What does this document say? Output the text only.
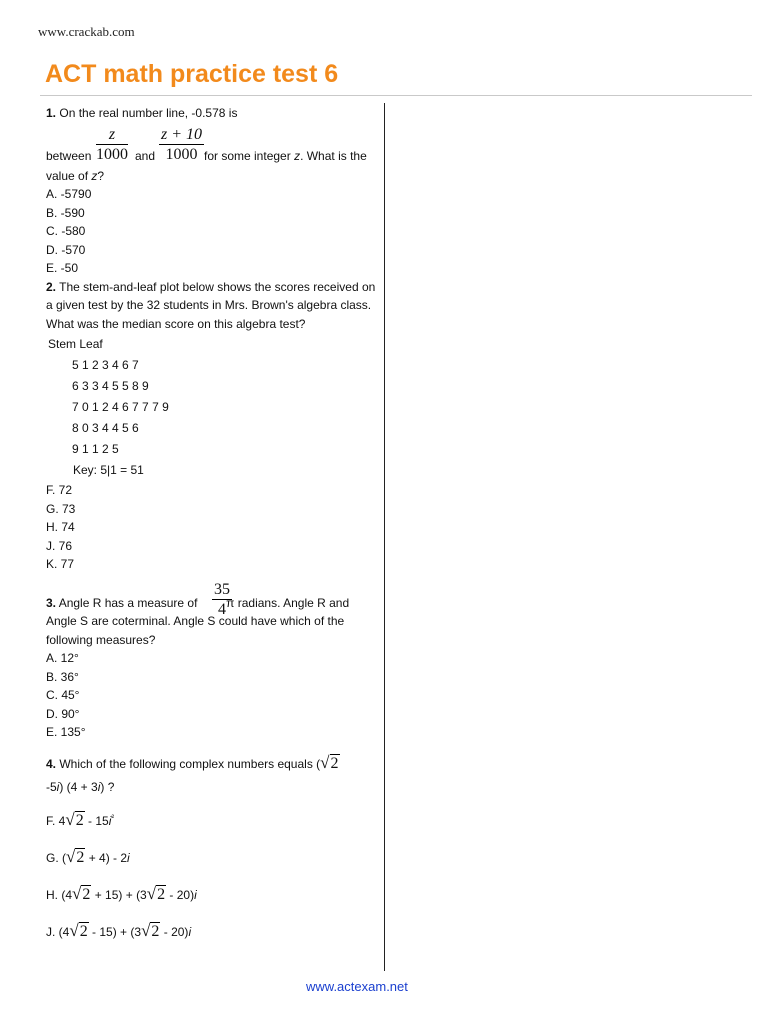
www.crackab.com
ACT math practice test 6

1. On the real number line, -0.578 is

between $\frac{z}{1000}$ and $\frac{z + 10}{1000}$ for some integer z. What is the

value of z?

A. -5790

B. -590

C. -580

D. -570

E. -50

2. The stem-and-leaf plot below shows the scores received on a given test by the 32 students in Mrs. Brown's algebra class. What was the median score on this algebra test?

Stem Leaf

5 1 2 3 4 6 7

6 3 3 4 5 5 8 9

7 0 1 2 4 6 7 7 7 9

8 0 3 4 4 5 6

9 1 1 2 5

Key: 5|1 = 51

F. 72

G. 73

H. 74

J. 76

K. 77

$\frac{35}{4}$

3. Angle R has a measure of π radians. Angle R and Angle S are coterminal. Angle S could have which of the following measures?

A. 12°

B. 36°

C. 45°

D. 90°

E. 135°

4. Which of the following complex numbers equals (√2

-5i) (4 + 3i) ?

F. $4√2 - 15i^{^2}$

G. (√2 + 4) - 2i

H. (4√2 + 15) + (3√2 - 20)i

J. (4√2 - 15) + (3√2 - 20)i

www.actexam.net
